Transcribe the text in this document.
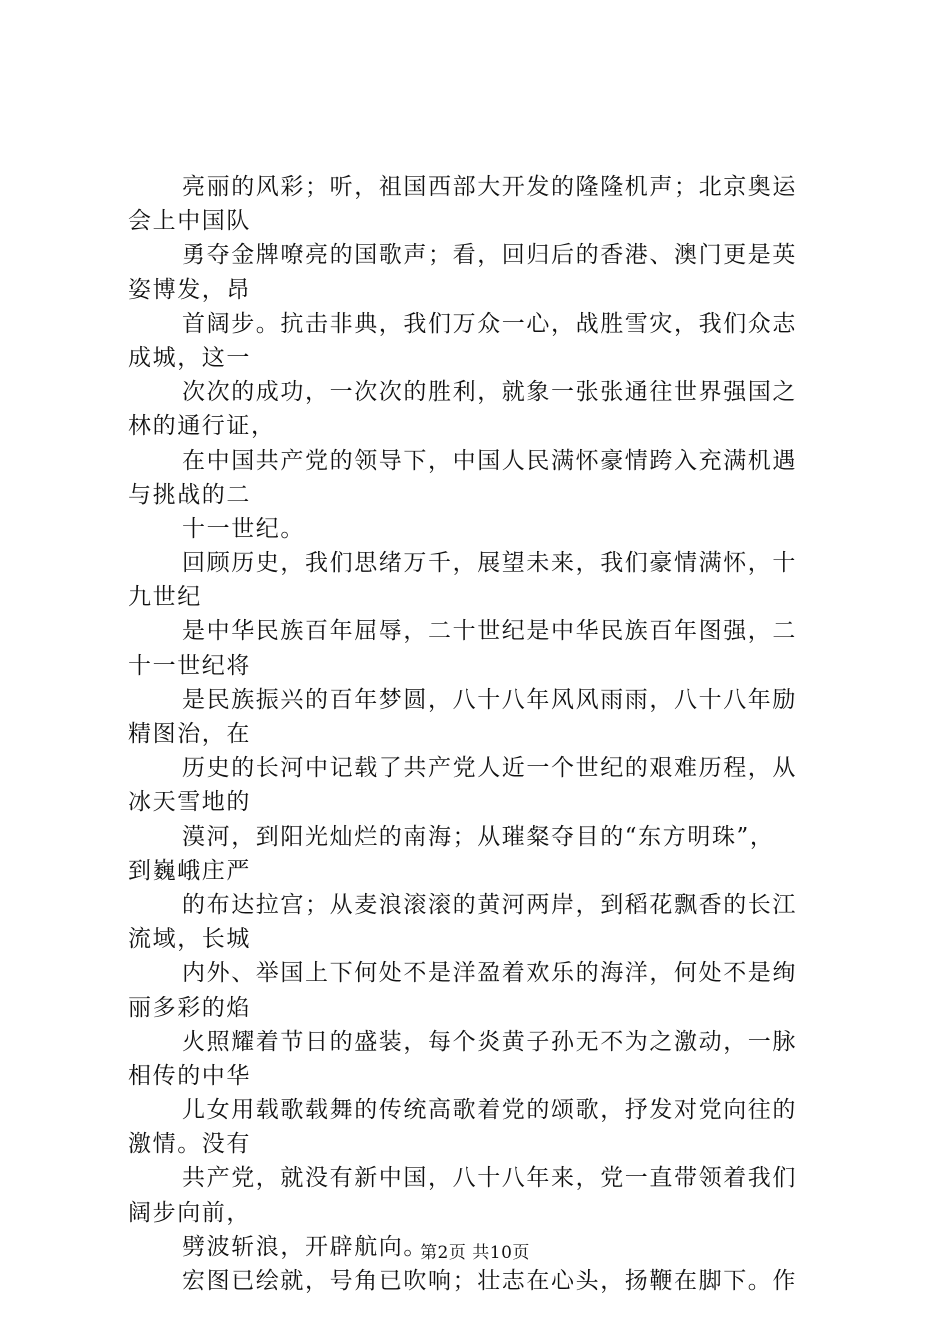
亮丽的风彩；听，祖国西部大开发的隆隆机声；北京奥运
会上中国队
勇夺金牌嘹亮的国歌声；看，回归后的香港、澳门更是英
姿博发，昂
首阔步。抗击非典，我们万众一心，战胜雪灾，我们众志
成城，这一
次次的成功，一次次的胜利，就象一张张通往世界强国之
林的通行证，
在中国共产党的领导下，中国人民满怀豪情跨入充满机遇
与挑战的二
十一世纪。
回顾历史，我们思绪万千，展望未来，我们豪情满怀，十
九世纪
是中华民族百年屈辱，二十世纪是中华民族百年图强，二
十一世纪将
是民族振兴的百年梦圆，八十八年风风雨雨，八十八年励
精图治，在
历史的长河中记载了共产党人近一个世纪的艰难历程，从
冰天雪地的
漠河，到阳光灿烂的南海；从璀粲夺目的“东方明珠”，
到巍峨庄严
的布达拉宫；从麦浪滚滚的黄河两岸，到稻花飘香的长江
流域，长城
内外、举国上下何处不是洋盈着欢乐的海洋，何处不是绚
丽多彩的焰
火照耀着节日的盛装，每个炎黄子孙无不为之激动，一脉
相传的中华
儿女用载歌载舞的传统高歌着党的颂歌，抒发对党向往的
激情。没有
共产党，就没有新中国，八十八年来，党一直带领着我们
阔步向前，
劈波斩浪，开辟航向。
宏图已绘就，号角已吹响；壮志在心头，扬鞭在脚下。作
第2页 共10页
